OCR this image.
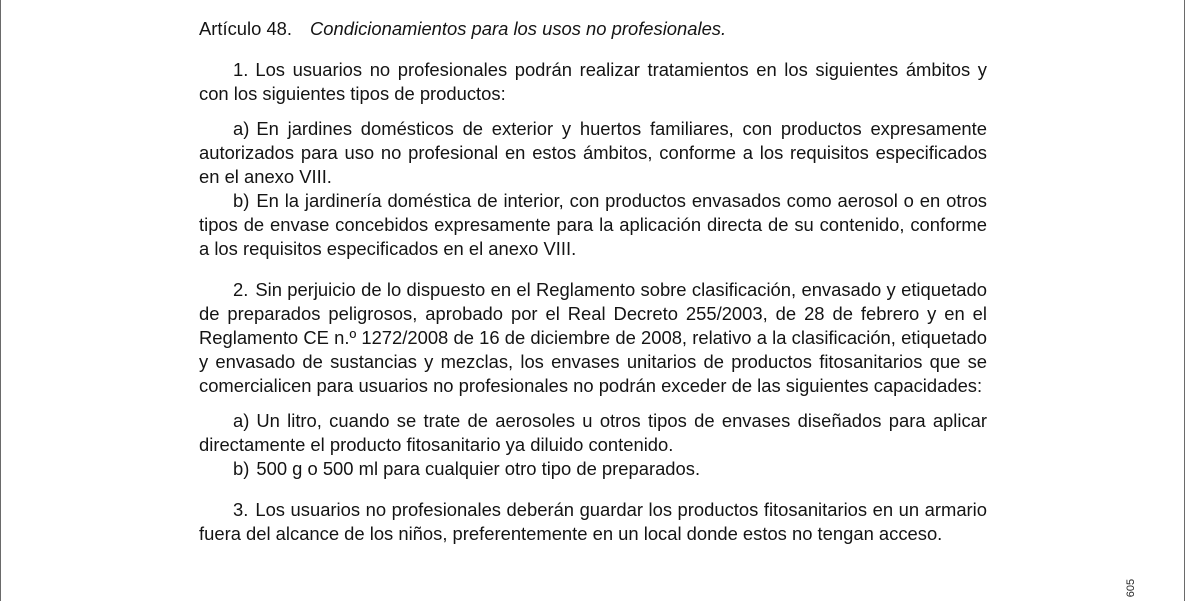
Artículo 48. Condicionamientos para los usos no profesionales.

1. Los usuarios no profesionales podrán realizar tratamientos en los siguientes ámbitos y con los siguientes tipos de productos:

a) En jardines domésticos de exterior y huertos familiares, con productos expresamente autorizados para uso no profesional en estos ámbitos, conforme a los requisitos especificados en el anexo VIII.

b) En la jardinería doméstica de interior, con productos envasados como aerosol o en otros tipos de envase concebidos expresamente para la aplicación directa de su contenido, conforme a los requisitos especificados en el anexo VIII.

2. Sin perjuicio de lo dispuesto en el Reglamento sobre clasificación, envasado y etiquetado de preparados peligrosos, aprobado por el Real Decreto 255/2003, de 28 de febrero y en el Reglamento CE n.º 1272/2008 de 16 de diciembre de 2008, relativo a la clasificación, etiquetado y envasado de sustancias y mezclas, los envases unitarios de productos fitosanitarios que se comercialicen para usuarios no profesionales no podrán exceder de las siguientes capacidades:

a) Un litro, cuando se trate de aerosoles u otros tipos de envases diseñados para aplicar directamente el producto fitosanitario ya diluido contenido.

b) 500 g o 500 ml para cualquier otro tipo de preparados.

3. Los usuarios no profesionales deberán guardar los productos fitosanitarios en un armario fuera del alcance de los niños, preferentemente en un local donde estos no tengan acceso.

605
